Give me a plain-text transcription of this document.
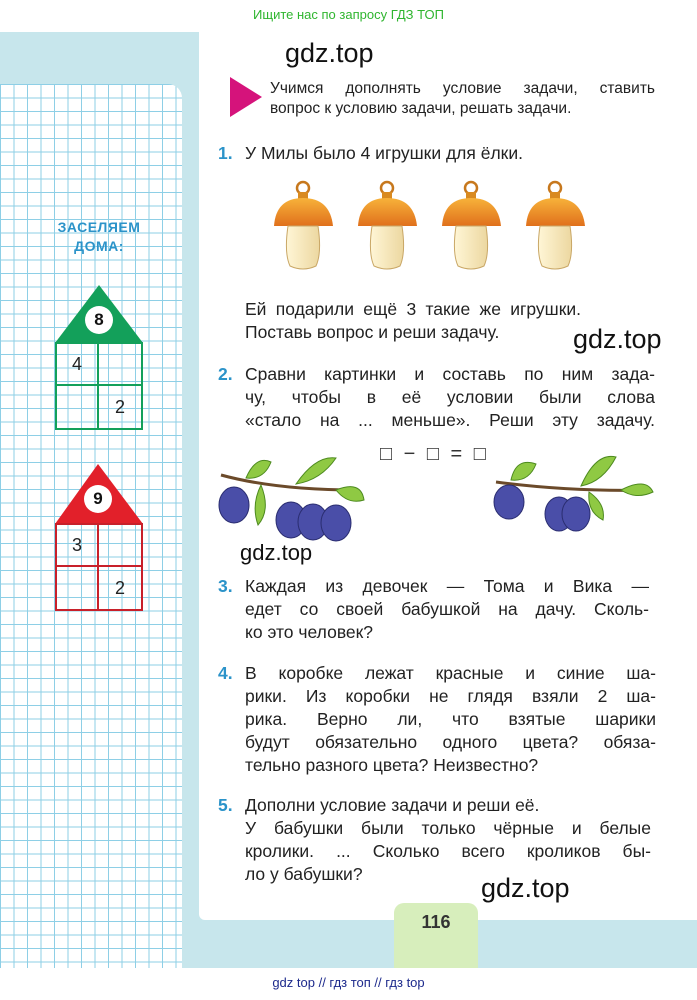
Ищите нас по запросу ГДЗ ТОП
gdz.top
gdz.top
gdz.top
gdz.top
ЗАСЕЛЯЕМ
ДОМА:
8
4
2
9
3
2
Учимся дополнять условие задачи, ставить
вопрос к условию задачи, решать задачи.
1. У Милы было 4 игрушки для ёлки.
Ей подарили ещё 3 такие же игрушки.
Поставь вопрос и реши задачу.
2. Сравни картинки и составь по ним зада-
чу, чтобы в её условии были слова
«стало на ... меньше». Реши эту задачу.
□ − □ = □
3. Каждая из девочек — Тома и Вика —
едет со своей бабушкой на дачу. Сколь-
ко это человек?
4. В коробке лежат красные и синие ша-
рики. Из коробки не глядя взяли 2 ша-
рика. Верно ли, что взятые шарики
будут обязательно одного цвета? обяза-
тельно разного цвета? Неизвестно?
5. Дополни условие задачи и реши её.
У бабушки были только чёрные и белые
кролики. ... Сколько всего кроликов бы-
ло у бабушки?
116
gdz top // гдз топ // гдз top
